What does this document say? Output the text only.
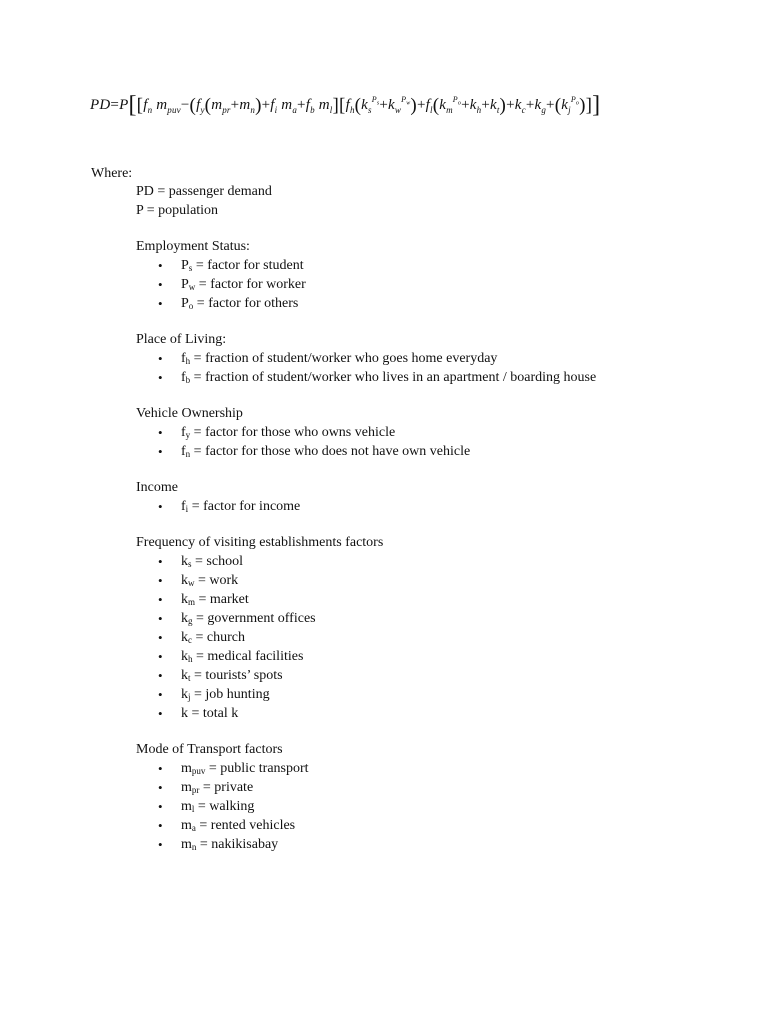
$PD=P[[f_n$ $m_{puv}-(f_y(m_{pr}+m_n)+f_i$ $m_a+f_b$ $m_l][f_h(k_s^{P_s}+k_w^{P_w})+f_l(k_m^{P_o}+k_h+k_t)+k_c+k_g+(k_j^{P_o})]$]
Where:
PD = passenger demand
P = population
Employment Status:
• $P_s$ = factor for student
• $P_w$ = factor for worker
• $P_o$ = factor for others
Place of Living:
• $f_h$ = fraction of student/worker who goes home everyday
• $f_b$ = fraction of student/worker who lives in an apartment / boarding house
Vehicle Ownership
• $f_y$ = factor for those who owns vehicle
• $f_n$ = factor for those who does not have own vehicle
Income
• $f_i$ = factor for income
Frequency of visiting establishments factors
• $k_s$ = school
• $k_w$ = work
• $k_m$ = market
• $k_g$ = government offices
• $k_c$ = church
• $k_h$ = medical facilities
• $k_t$ = tourists’ spots
• $k_j$ = job hunting
• k = total k
Mode of Transport factors
• $m_{puv}$ = public transport
• $m_{pr}$ = private
• $m_l$ = walking
• $m_a$ = rented vehicles
• $m_n$ = nakikisabay
